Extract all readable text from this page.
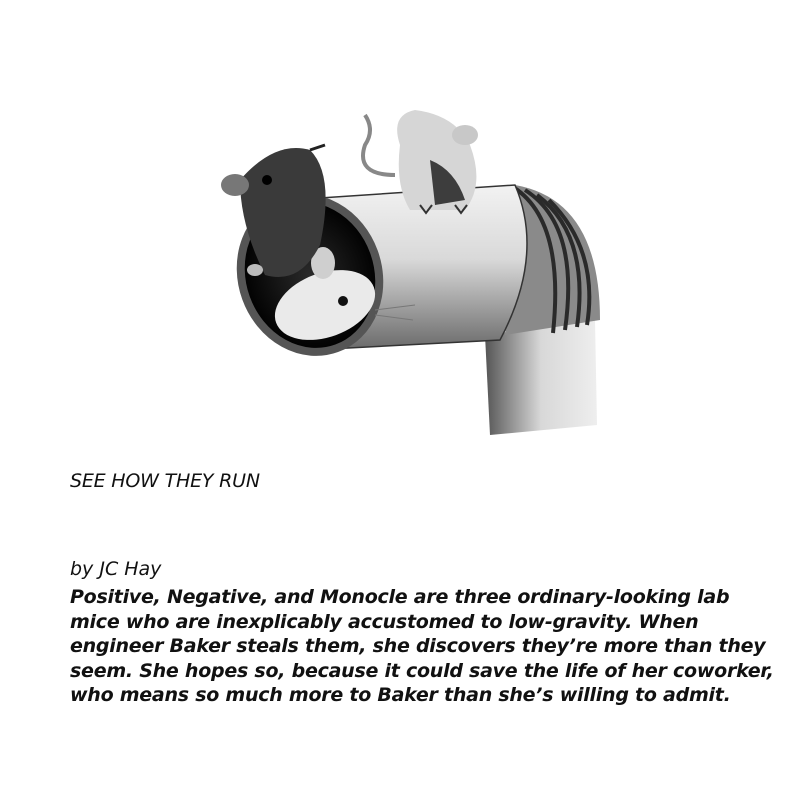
SEE HOW THEY RUN
by JC Hay

Positive, Negative, and Monocle are three ordinary-looking lab
mice who are inexplicably accustomed to low-gravity. When
engineer Baker steals them, she discovers they’re more than they
seem. She hopes so, because it could save the life of her coworker,
who means so much more to Baker than she’s willing to admit.
